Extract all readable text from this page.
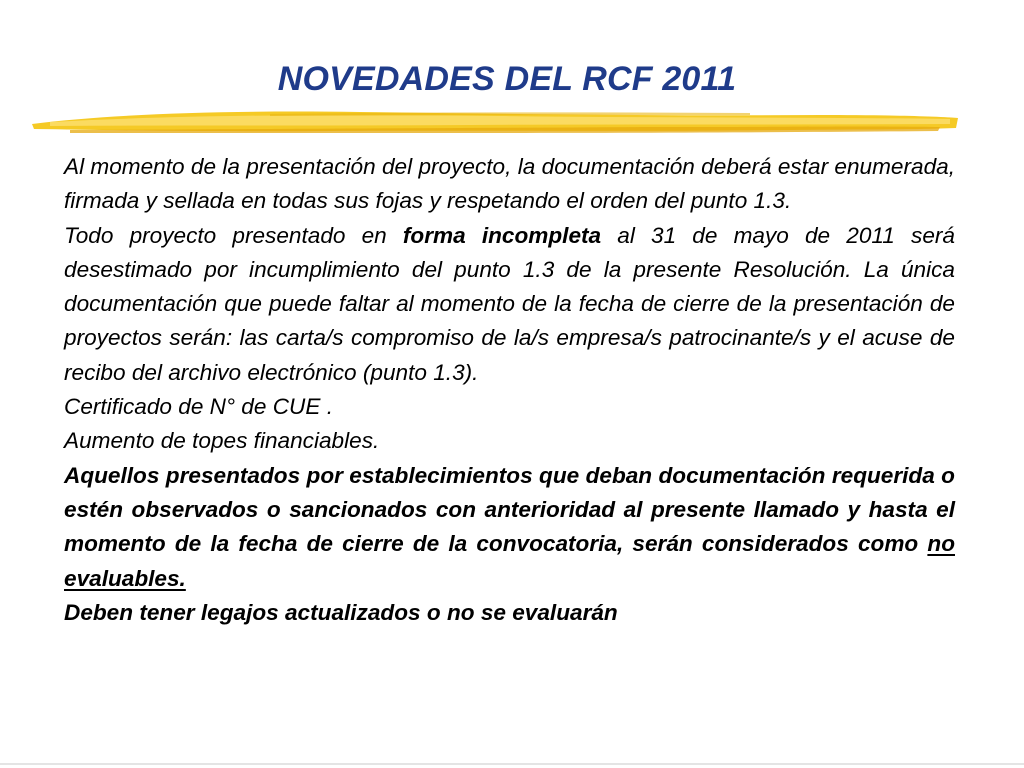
NOVEDADES DEL RCF 2011

Al momento de la presentación del proyecto, la documentación deberá estar enumerada, firmada y sellada en todas sus fojas y respetando el orden del punto 1.3.

Todo proyecto presentado en forma incompleta al 31 de mayo de 2011 será desestimado por incumplimiento del punto 1.3 de la presente Resolución. La única documentación que puede faltar al momento de la fecha de cierre de la presentación de proyectos serán: las carta/s compromiso de la/s empresa/s patrocinante/s y el acuse de recibo del archivo electrónico (punto 1.3).

Certificado de N° de CUE .

Aumento de topes financiables.

Aquellos presentados por establecimientos que deban documentación requerida o estén observados o sancionados con anterioridad al presente llamado y hasta el momento de la fecha de cierre de la convocatoria, serán considerados como no evaluables.

Deben tener legajos actualizados o no se evaluarán
